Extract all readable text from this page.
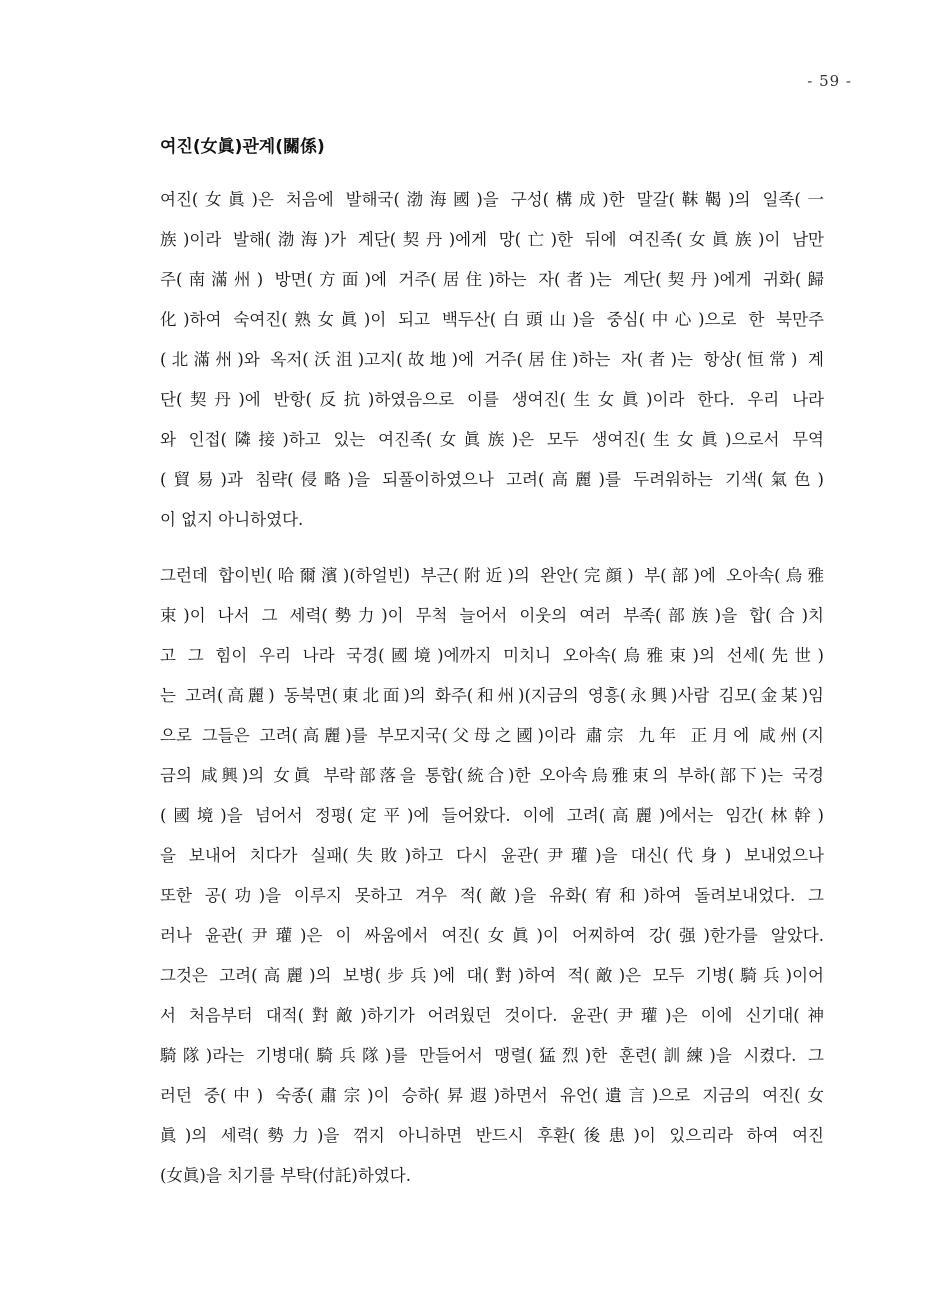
- 59 -
여진(女眞)관계(關係)

여진(女眞)은 처음에 발해국(渤海國)을 구성(構成)한 말갈(靺鞨)의 일족(一
族)이라 발해(渤海)가 계단(契丹)에게 망(亡)한 뒤에 여진족(女眞族)이 남만
주(南滿州) 방면(方面)에 거주(居住)하는 자(者)는 계단(契丹)에게 귀화(歸
化)하여 숙여진(熟女眞)이 되고 백두산(白頭山)을 중심(中心)으로 한 북만주
(北滿州)와 옥저(沃沮)고지(故地)에 거주(居住)하는 자(者)는 항상(恒常) 계
단(契丹)에 반항(反抗)하였음으로 이를 생여진(生女眞)이라 한다. 우리 나라
와 인접(隣接)하고 있는 여진족(女眞族)은 모두 생여진(生女眞)으로서 무역
(貿易)과 침략(侵略)을 되풀이하였으나 고려(高麗)를 두려워하는 기색(氣色)
이 없지 아니하였다.

그런데 합이빈(哈爾濱)(하얼빈) 부근(附近)의 완안(完顔) 부(部)에 오아속(烏雅
束)이 나서 그 세력(勢力)이 무척 늘어서 이웃의 여러 부족(部族)을 합(合)치
고 그 힘이 우리 나라 국경(國境)에까지 미치니 오아속(烏雅束)의 선세(先世)
는 고려(高麗) 동북면(東北面)의 화주(和州)(지금의 영흥(永興)사람 김모(金某)임
으로 그들은 고려(高麗)를 부모지국(父母之國)이라 肅宗 九年 正月에 咸州(지
금의 咸興)의 女眞 부락部落을 통합(統合)한 오아속烏雅束의 부하(部下)는 국경
(國境)을 넘어서 정평(定平)에 들어왔다. 이에 고려(高麗)에서는 임간(林幹)
을 보내어 치다가 실패(失敗)하고 다시 윤관(尹瓘)을 대신(代身) 보내었으나
또한 공(功)을 이루지 못하고 겨우 적(敵)을 유화(宥和)하여 돌려보내었다. 그
러나 윤관(尹瓘)은 이 싸움에서 여진(女眞)이 어찌하여 강(强)한가를 알았다.
그것은 고려(高麗)의 보병(步兵)에 대(對)하여 적(敵)은 모두 기병(騎兵)이어
서 처음부터 대적(對敵)하기가 어려웠던 것이다. 윤관(尹瓘)은 이에 신기대(神
騎隊)라는 기병대(騎兵隊)를 만들어서 맹렬(猛烈)한 훈련(訓練)을 시켰다. 그
러던 중(中) 숙종(肅宗)이 승하(昇遐)하면서 유언(遺言)으로 지금의 여진(女
眞)의 세력(勢力)을 꺾지 아니하면 반드시 후환(後患)이 있으리라 하여 여진
(女眞)을 치기를 부탁(付託)하였다.
